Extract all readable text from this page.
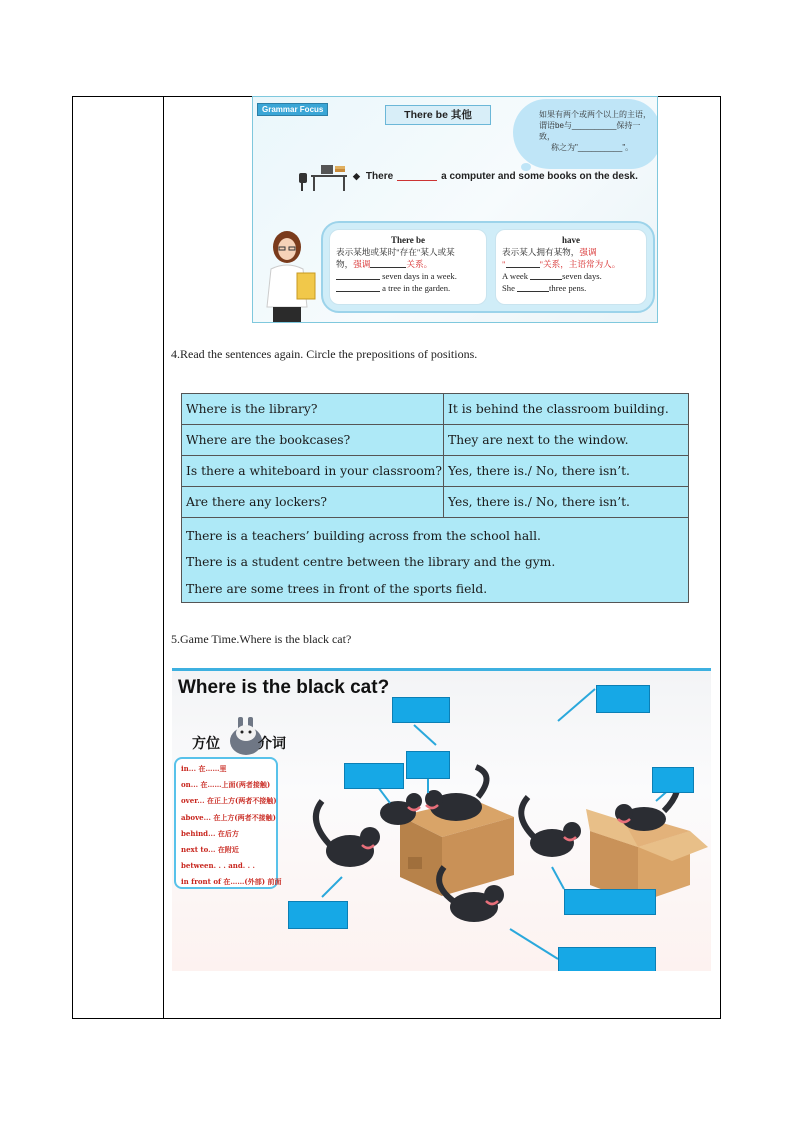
Grammar Focus	There be 其他	如果有两个或两个以上的主语，
谓语be与__________保持一致，
称之为"__________"。
◆ There	a computer and some books on the desk.
There be
表示某地或某时"存在"某人或某
物，强调	关系。
seven days in a week.
a tree in the garden.
have
表示某人拥有某物，强调
"	"关系，主语常为人。
A week	seven days.
She	three pens.
4.Read the sentences again. Circle the prepositions of positions.
Where is the library?	It is behind the classroom building.
Where are the bookcases?	They are next to the window.
Is there a whiteboard in your classroom? Yes, there is./ No, there isn’t.
Are there any lockers?	Yes, there is./ No, there isn’t.
There is a teachers’ building across from the school hall.
There is a student centre between the library and the gym.
There are some trees in front of the sports field.
5.Game Time.Where is the black cat?
Where is the black cat?
方位	介词
in... 在……里
on... 在……上面(两者接触)
over... 在正上方(两者不接触)
above... 在上方(两者不接触)
behind... 在后方
next to... 在附近
between. . . and. . .
in front of 在……(外部) 前面
